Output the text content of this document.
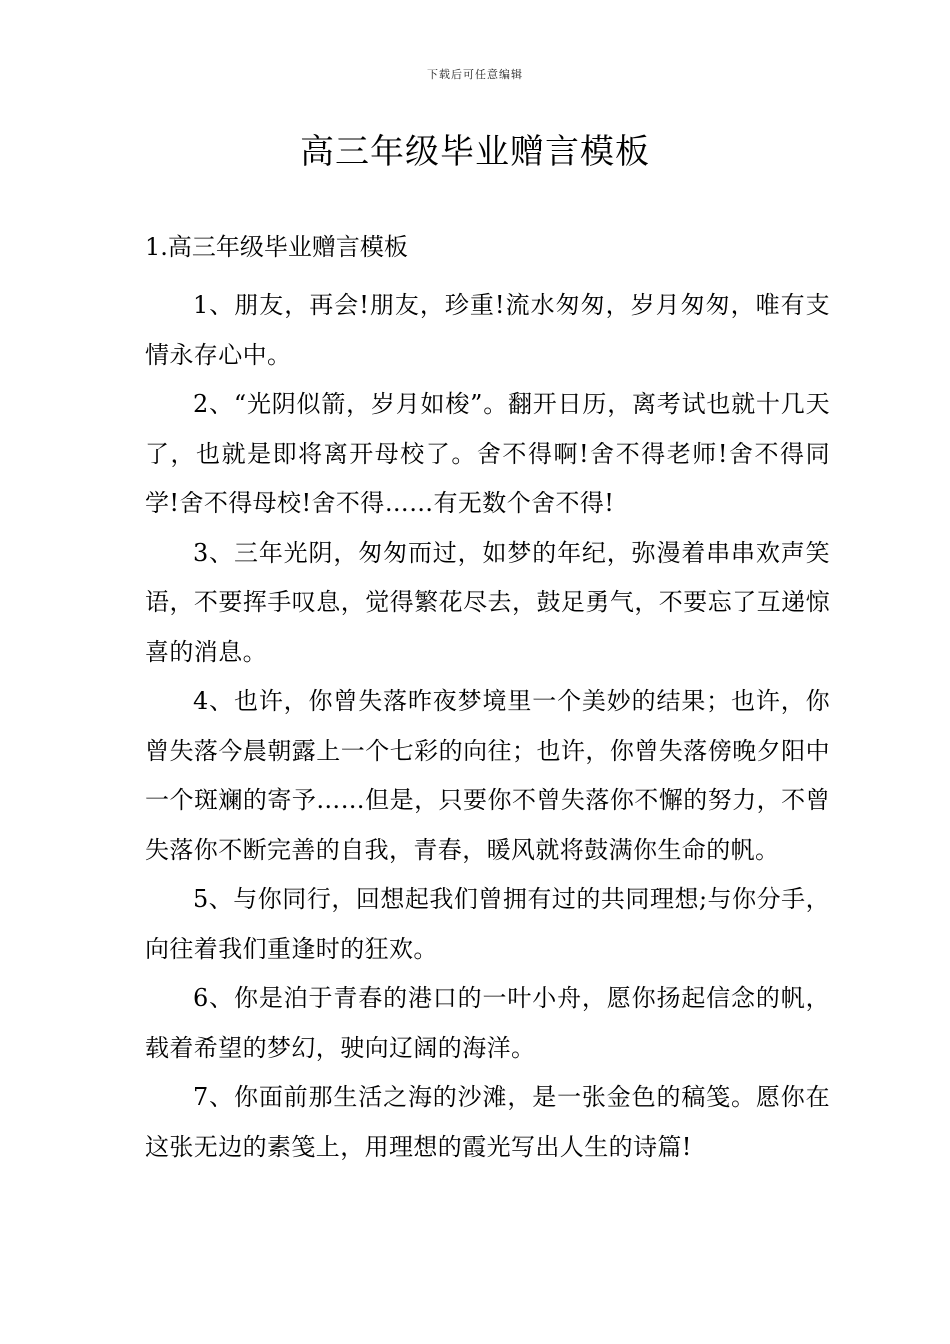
下载后可任意编辑
高三年级毕业赠言模板
1.高三年级毕业赠言模板

1、朋友，再会!朋友，珍重!流水匆匆，岁月匆匆，唯有支情永存心中。

2、“光阴似箭，岁月如梭”。翻开日历，离考试也就十几天了，也就是即将离开母校了。舍不得啊!舍不得老师!舍不得同学!舍不得母校!舍不得……有无数个舍不得!

3、三年光阴，匆匆而过，如梦的年纪，弥漫着串串欢声笑语，不要挥手叹息，觉得繁花尽去，鼓足勇气，不要忘了互递惊喜的消息。

4、也许，你曾失落昨夜梦境里一个美妙的结果；也许，你曾失落今晨朝露上一个七彩的向往；也许，你曾失落傍晚夕阳中一个斑斓的寄予……但是，只要你不曾失落你不懈的努力，不曾失落你不断完善的自我，青春，暖风就将鼓满你生命的帆。

5、与你同行，回想起我们曾拥有过的共同理想;与你分手，向往着我们重逢时的狂欢。

6、你是泊于青春的港口的一叶小舟，愿你扬起信念的帆，载着希望的梦幻，驶向辽阔的海洋。

7、你面前那生活之海的沙滩，是一张金色的稿笺。愿你在这张无边的素笺上，用理想的霞光写出人生的诗篇!
